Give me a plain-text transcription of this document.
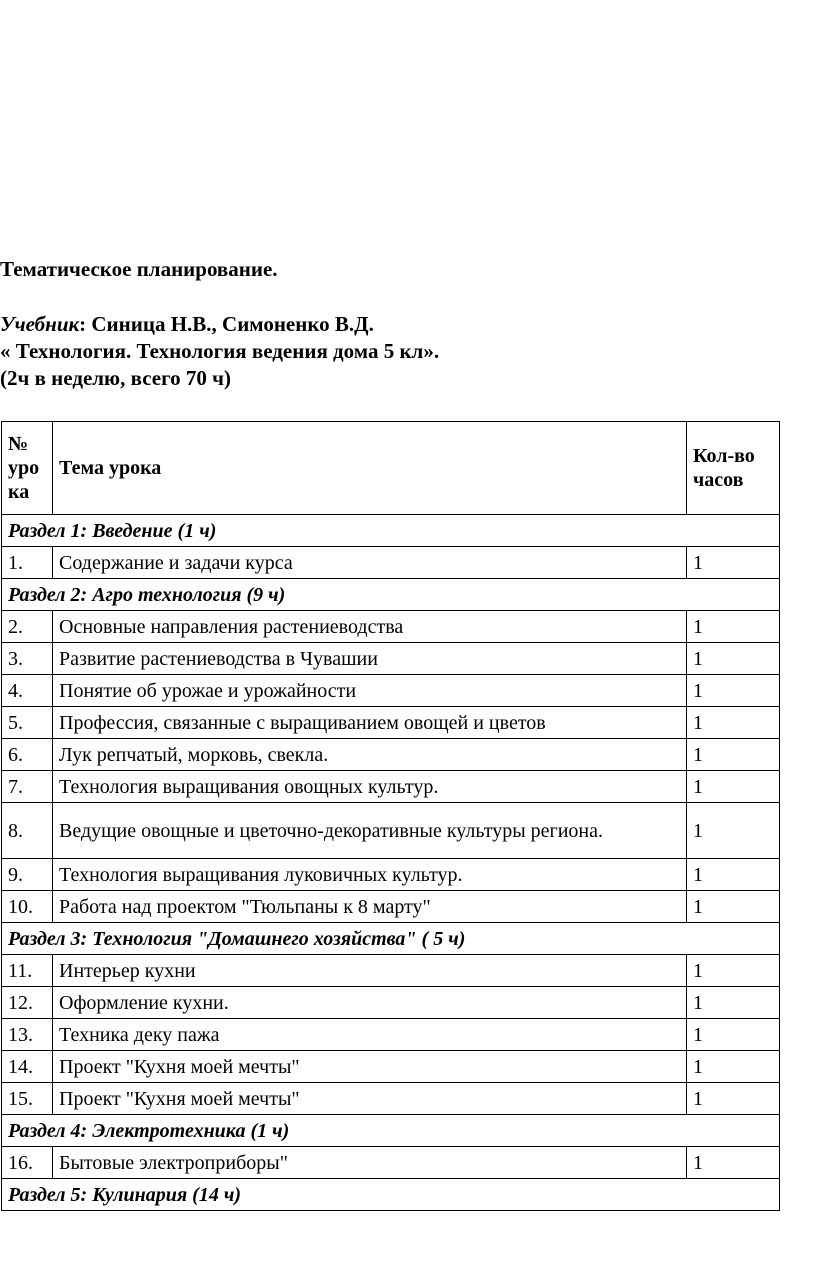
Тематическое планирование.
Учебник: Синица Н.В., Симоненко В.Д.
« Технология. Технология ведения дома 5 кл».
(2ч в неделю, всего 70 ч)
№ уро ка	Тема урока	Кол-во часов
Раздел 1: Введение (1 ч)		
1.	Содержание и задачи курса	1
Раздел 2: Агро технология (9 ч)		
2.	Основные направления растениеводства	1
3.	Развитие растениеводства в Чувашии	1
4.	Понятие об урожае и урожайности	1
5.	Профессия, связанные с выращиванием овощей и цветов	1
6.	Лук репчатый, морковь, свекла.	1
7.	Технология выращивания овощных культур.	1
8.	Ведущие овощные и цветочно-декоративные культуры региона.	1
9.	Технология выращивания луковичных культур.	1
10.	Работа над проектом "Тюльпаны к 8 марту"	1
Раздел 3: Технология "Домашнего хозяйства" ( 5 ч)		
11.	Интерьер кухни	1
12.	Оформление кухни.	1
13.	Техника деку пажа	1
14.	Проект "Кухня моей мечты"	1
15.	Проект "Кухня моей мечты"	1
Раздел 4: Электротехника (1 ч)		
16.	Бытовые электроприборы"	1
Раздел 5: Кулинария (14 ч)		
